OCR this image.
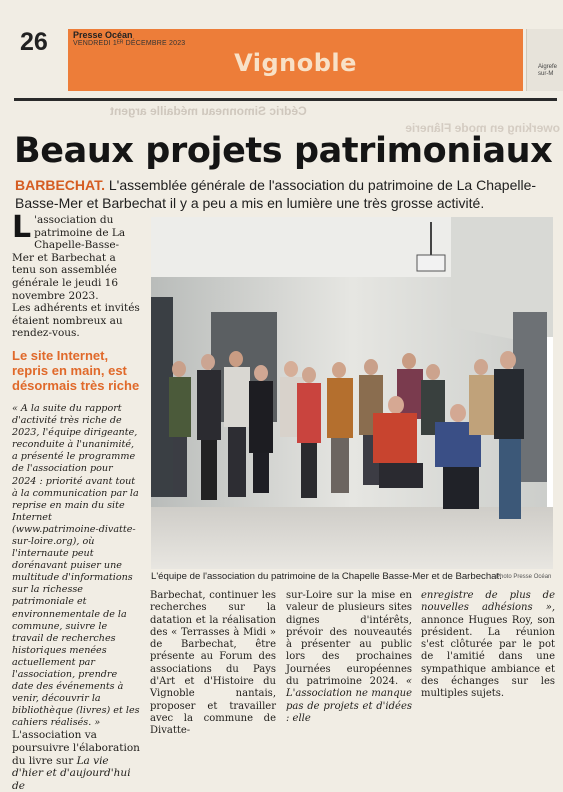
26	Presse Océan
VENDREDI 1ᴱᴿ DÉCEMBRE 2023
Vignoble	Aigrefe
sur-M
Cédric Simonneau médaille argent
owerking en mode Flânerie
Beaux projets patrimoniaux
BARBECHAT. L'assemblée générale de l'association du patrimoine de La Chapelle-Basse-Mer et Barbechat il y a peu a mis en lumière une très grosse activité.
L 'association du patrimoine de La Chapelle-Basse-Mer et Barbechat a tenu son assemblée générale le jeudi 16 novembre 2023.
Les adhérents et invités étaient nombreux au rendez-vous.
Le site Internet, repris en main, est désormais très riche
« A la suite du rapport d'activité très riche de 2023, l'équipe dirigeante, reconduite à l'unanimité, a présenté le programme de l'association pour 2024 : priorité avant tout à la communication par la reprise en main du site Internet (www.patrimoine-divatte-sur-loire.org), où l'internaute peut dorénavant puiser une multitude d'informations sur la richesse patrimoniale et environnementale de la commune, suivre le travail de recherches historiques menées actuellement par l'association, prendre date des événements à venir, découvrir la bibliothèque (livres) et les cahiers réalisés. »
L'association va poursuivre l'élaboration du livre sur La vie d'hier et d'aujourd'hui de
L'équipe de l'association du patrimoine de la Chapelle Basse-Mer et de Barbechat.
Photo Presse Océan
Barbechat, continuer les recherches sur la datation et la réalisation des « Terrasses à Midi » de Barbechat, être présente au Forum des associations du Pays d'Art et d'Histoire du Vignoble nantais, proposer et travailler avec la commune de Divatte-
sur-Loire sur la mise en valeur de plusieurs sites dignes d'intérêts, prévoir des nouveautés à présenter au public lors des prochaines Journées européennes du patrimoine 2024. « L'association ne manque pas de projets et d'idées : elle
enregistre de plus de nouvelles adhésions », annonce Hugues Roy, son président. La réunion s'est clôturée par le pot de l'amitié dans une sympathique ambiance et des échanges sur les multiples sujets.
